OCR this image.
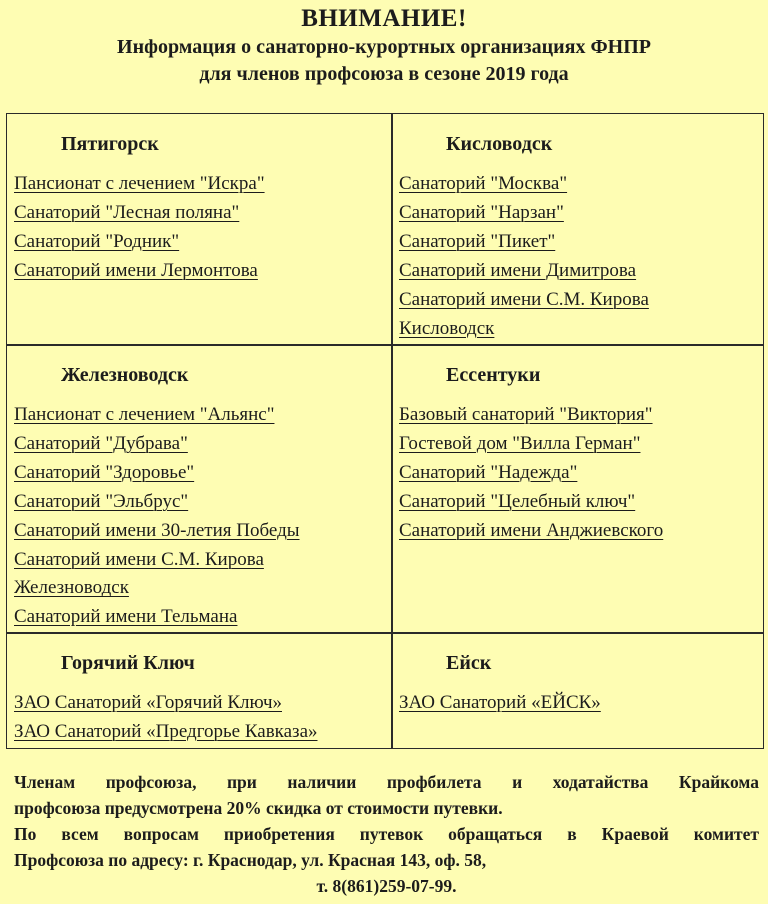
ВНИМАНИЕ!
Информация о санаторно-курортных организациях ФНПР
для членов профсоюза в сезоне 2019 года
Пятигорск
Пансионат с лечением "Искра"
Санаторий "Лесная поляна"
Санаторий "Родник"
Санаторий имени Лермонтова
Кисловодск
Санаторий "Москва"
Санаторий "Нарзан"
Санаторий "Пикет"
Санаторий имени Димитрова
Санаторий имени С.М. Кирова
Кисловодск
Железноводск
Пансионат с лечением "Альянс"
Санаторий "Дубрава"
Санаторий "Здоровье"
Санаторий "Эльбрус"
Санаторий имени 30-летия Победы
Санаторий имени С.М. Кирова
Железноводск
Санаторий имени Тельмана
Ессентуки
Базовый санаторий "Виктория"
Гостевой дом "Вилла Герман"
Санаторий "Надежда"
Санаторий "Целебный ключ"
Санаторий имени Анджиевского
Горячий Ключ
ЗАО Санаторий «Горячий Ключ»
ЗАО Санаторий «Предгорье Кавказа»
Ейск
ЗАО Санаторий «ЕЙСК»
Членам профсоюза, при наличии профбилета и ходатайства Крайкома
профсоюза предусмотрена 20% скидка от стоимости путевки.
По всем вопросам приобретения путевок обращаться в Краевой комитет
Профсоюза по адресу: г. Краснодар, ул. Красная 143, оф. 58,
т. 8(861)259-07-99.
